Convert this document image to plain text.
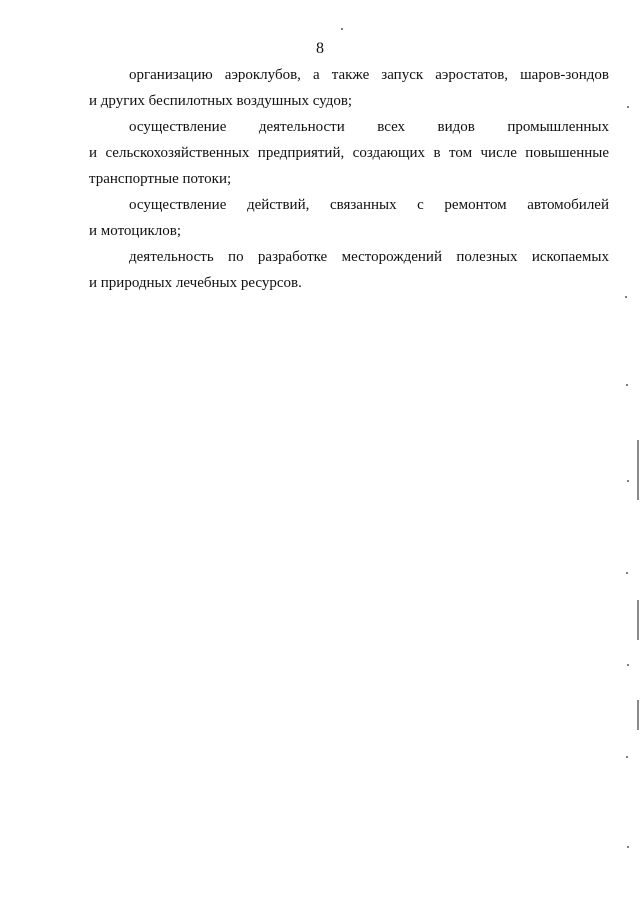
8

организацию аэроклубов, а также запуск аэростатов, шаров-зондов
и других беспилотных воздушных судов;

осуществление деятельности всех видов промышленных
и сельскохозяйственных предприятий, создающих в том числе повышенные
транспортные потоки;

осуществление действий, связанных с ремонтом автомобилей
и мотоциклов;

деятельность по разработке месторождений полезных ископаемых
и природных лечебных ресурсов.
